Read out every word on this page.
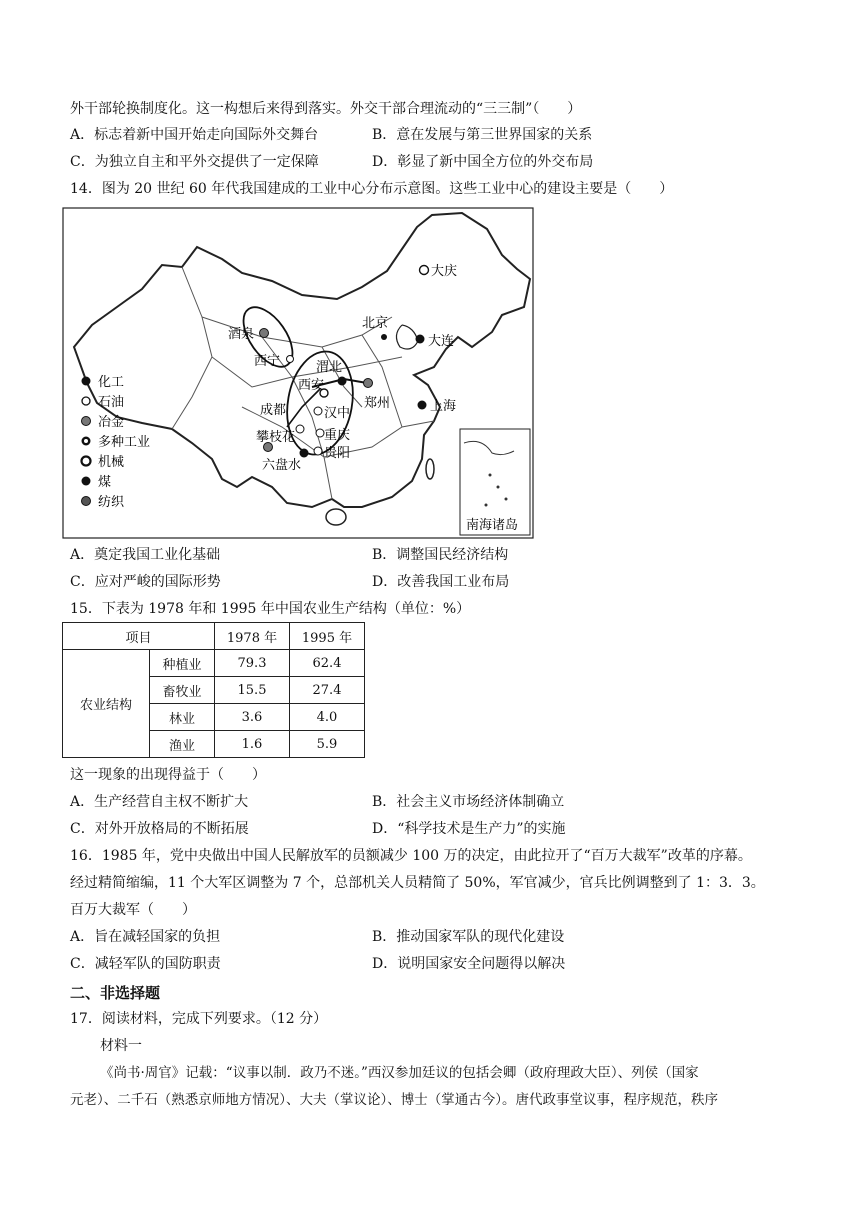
外干部轮换制度化。这一构想后来得到落实。外交干部合理流动的“三三制”（　　）
A．标志着新中国开始走向国际外交舞台	B．意在发展与第三世界国家的关系
C．为独立自主和平外交提供了一定保障	D．彰显了新中国全方位的外交布局
14．图为 20 世纪 60 年代我国建成的工业中心分布示意图。这些工业中心的建设主要是（　　）
南海诸岛
大庆
北京
大连
酒泉
西宁	渭北
西安
郑州	上海
成都	汉中
攀枝花 重庆
贵阳
六盘水
化工
石油
冶金
多种工业
机械
煤
纺织
A．奠定我国工业化基础	B．调整国民经济结构
C．应对严峻的国际形势	D．改善我国工业布局
15．下表为 1978 年和 1995 年中国农业生产结构（单位：%）
项目		1978 年	1995 年
农业结构	种植业	79.3	62.4
	畜牧业	15.5	27.4
	林业	3.6	4.0
	渔业	1.6	5.9
这一现象的出现得益于（　　）
A．生产经营自主权不断扩大	B．社会主义市场经济体制确立
C．对外开放格局的不断拓展	D．“科学技术是生产力”的实施
16．1985 年，党中央做出中国人民解放军的员额减少 100 万的决定，由此拉开了“百万大裁军”改革的序幕。
经过精简缩编，11 个大军区调整为 7 个，总部机关人员精简了 50%，军官减少，官兵比例调整到了 1：3．3。
百万大裁军（　　）
A．旨在减轻国家的负担	B．推动国家军队的现代化建设
C．减轻军队的国防职责	D．说明国家安全问题得以解决
二、非选择题
17．阅读材料，完成下列要求。（12 分）
材料一
《尚书·周官》记载：“议事以制．政乃不迷。”西汉参加廷议的包括会卿（政府理政大臣）、列侯（国家
元老）、二千石（熟悉京师地方情况）、大夫（掌议论）、博士（掌通古今）。唐代政事堂议事，程序规范，秩序
